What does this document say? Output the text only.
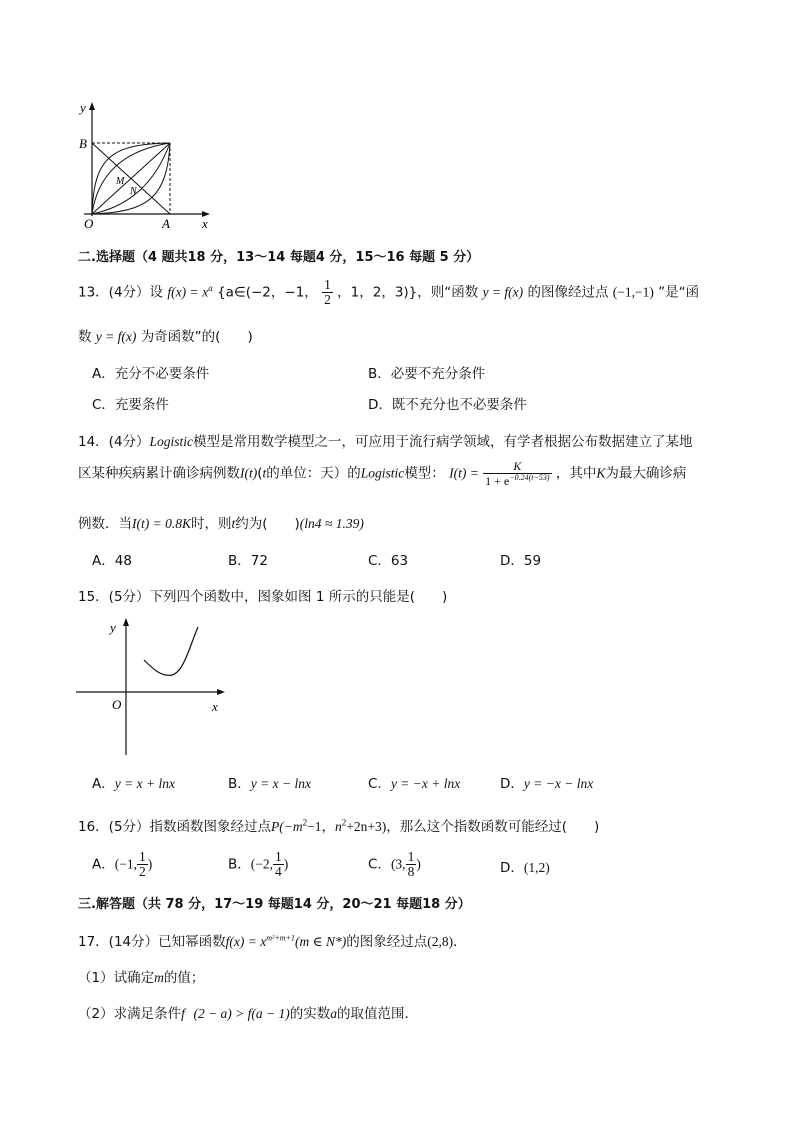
y
B
O	A x
M
N
二.选择题（4 题共18 分，13～14 每题4 分，15～16 每题 5 分）
13．(4分）设 $f(x) = x^a$ {a∈(−2，−1， $\frac{1}{2}$ ，1，2，3)}，则“函数 y = f(x) 的图像经过点 (−1,−1) ”是“函
数 y = f(x) 为奇函数”的(　　)
A．充分不必要条件	B．必要不充分条件
C．充要条件	D．既不充分也不必要条件
14．(4分）Logistic模型是常用数学模型之一，可应用于流行病学领域，有学者根据公布数据建立了某地
区某种疾病累计确诊病例数I(t)(t的单位：天）的Logistic模型： $I(t) = \frac{K}{1 + e^{-0.24(t-53)}}$ ，其中K为最大确诊病
例数．当I(t) = 0.8K时，则t约为(　　)(ln4 ≈ 1.39)
A．48	B．72	C．63	D．59
15．(5分）下列四个函数中，图象如图 1 所示的只能是(　　)
y
O	x
A．y = x + lnx	B．y = x − lnx	C．y = −x + lnx	D．y = −x − lnx
16．(5分）指数函数图象经过点$P(-m^2-1$，$n^2+2n+3$)，那么这个指数函数可能经过(　　)
A．(−1, $\frac{1}{2}$ )	B．(−2, $\frac{1}{4}$ )	C．(3, $\frac{1}{8}$ )	D．(1,2)
三.解答题（共 78 分，17～19 每题14 分，20～21 每题18 分）
17．(14分）已知幂函数$f(x) = x^{m^2+m+1}(m$ ∈ N*)的图象经过点(2,8)．
（1）试确定m的值；
（2）求满足条件f (2 − a) > f(a − 1)的实数a的取值范围．
